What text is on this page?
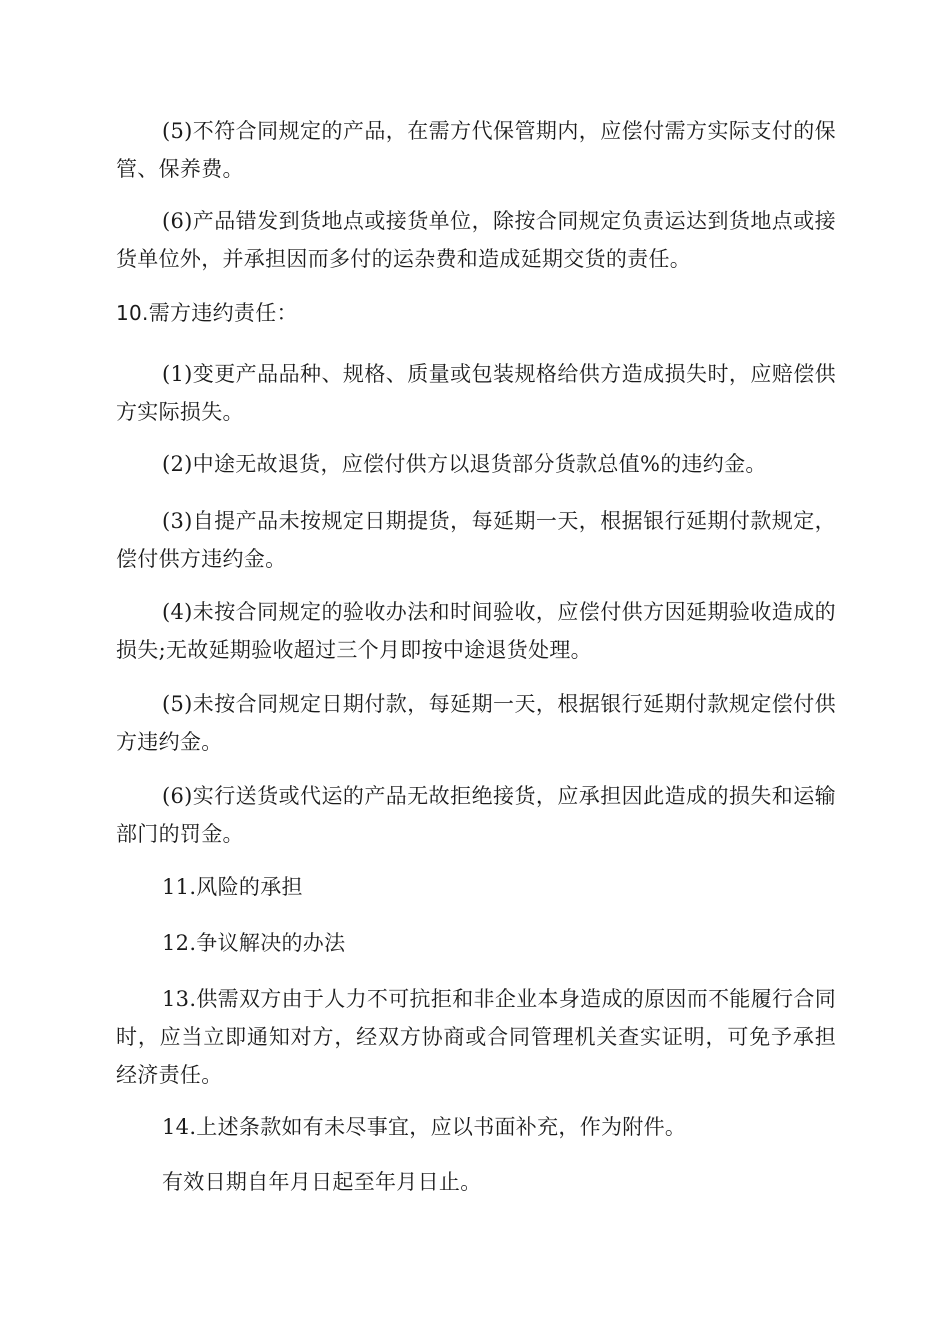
(5)不符合同规定的产品，在需方代保管期内，应偿付需方实际支付的保管、保养费。

(6)产品错发到货地点或接货单位，除按合同规定负责运达到货地点或接货单位外，并承担因而多付的运杂费和造成延期交货的责任。

10.需方违约责任：

(1)变更产品品种、规格、质量或包装规格给供方造成损失时，应赔偿供方实际损失。

(2)中途无故退货，应偿付供方以退货部分货款总值%的违约金。

(3)自提产品未按规定日期提货，每延期一天，根据银行延期付款规定，偿付供方违约金。

(4)未按合同规定的验收办法和时间验收，应偿付供方因延期验收造成的损失;无故延期验收超过三个月即按中途退货处理。

(5)未按合同规定日期付款，每延期一天，根据银行延期付款规定偿付供方违约金。

(6)实行送货或代运的产品无故拒绝接货，应承担因此造成的损失和运输部门的罚金。

11.风险的承担

12.争议解决的办法

13.供需双方由于人力不可抗拒和非企业本身造成的原因而不能履行合同时，应当立即通知对方，经双方协商或合同管理机关查实证明，可免予承担经济责任。

14.上述条款如有未尽事宜，应以书面补充，作为附件。

有效日期自年月日起至年月日止。
